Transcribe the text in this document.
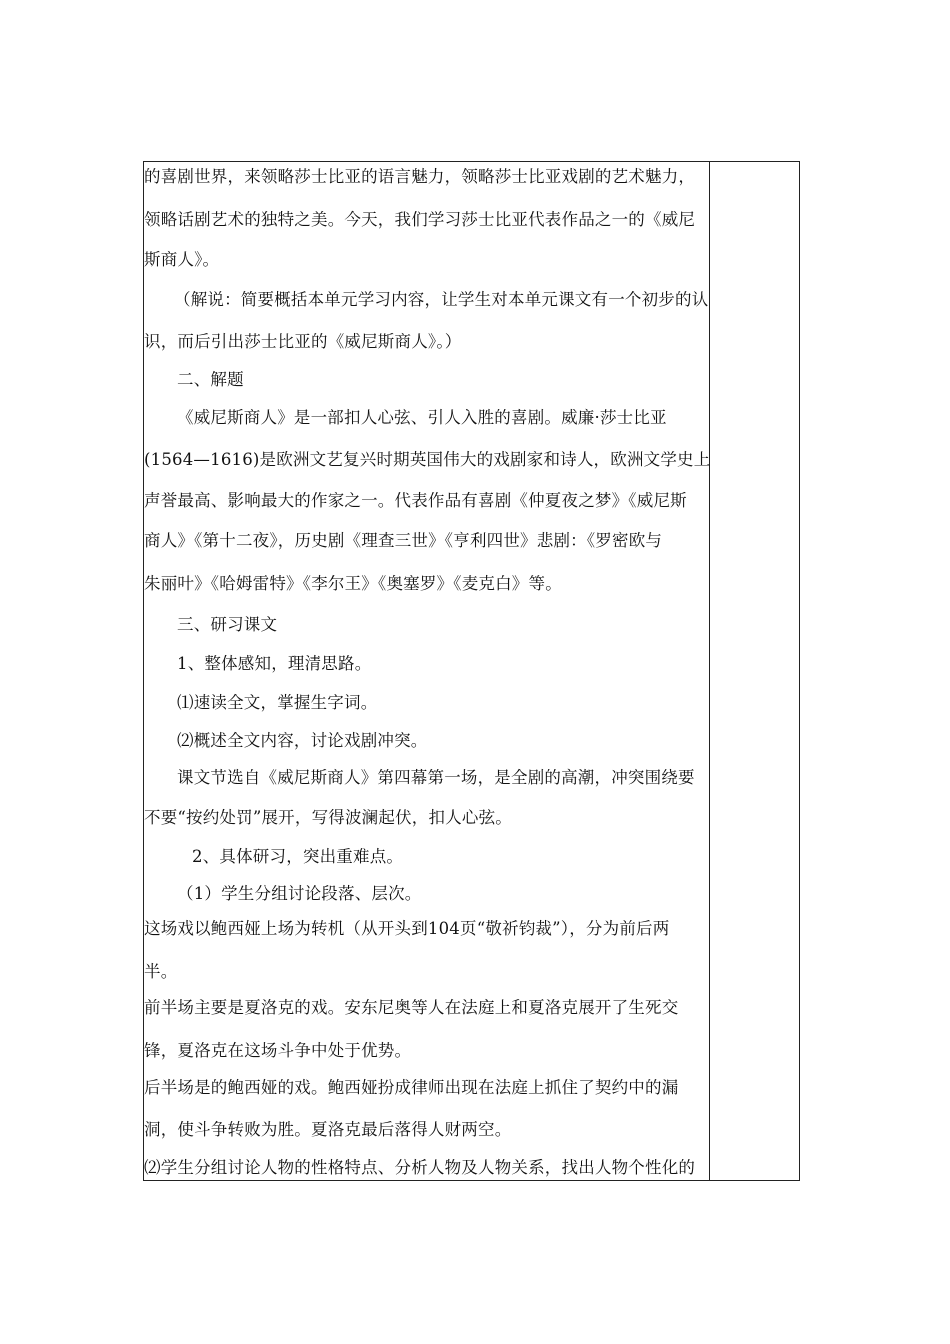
的喜剧世界，来领略莎士比亚的语言魅力，领略莎士比亚戏剧的艺术魅力，
领略话剧艺术的独特之美。今天，我们学习莎士比亚代表作品之一的《威尼
斯商人》。
（解说：简要概括本单元学习内容，让学生对本单元课文有一个初步的认
识，而后引出莎士比亚的《威尼斯商人》。）
二、解题
《威尼斯商人》是一部扣人心弦、引人入胜的喜剧。威廉·莎士比亚
(1564—1616)是欧洲文艺复兴时期英国伟大的戏剧家和诗人，欧洲文学史上
声誉最高、影响最大的作家之一。代表作品有喜剧《仲夏夜之梦》《威尼斯
商人》《第十二夜》，历史剧《理查三世》《亨利四世》悲剧：《罗密欧与
朱丽叶》《哈姆雷特》《李尔王》《奥塞罗》《麦克白》等。
三、研习课文
1、整体感知，理清思路。
⑴速读全文，掌握生字词。
⑵概述全文内容，讨论戏剧冲突。
课文节选自《威尼斯商人》第四幕第一场，是全剧的高潮，冲突围绕要
不要“按约处罚”展开，写得波澜起伏，扣人心弦。
2、具体研习，突出重难点。
（1）学生分组讨论段落、层次。
这场戏以鲍西娅上场为转机（从开头到104页“敬祈钧裁”），分为前后两
半。
前半场主要是夏洛克的戏。安东尼奥等人在法庭上和夏洛克展开了生死交
锋，夏洛克在这场斗争中处于优势。
后半场是的鲍西娅的戏。鲍西娅扮成律师出现在法庭上抓住了契约中的漏
洞，使斗争转败为胜。夏洛克最后落得人财两空。
⑵学生分组讨论人物的性格特点、分析人物及人物关系，找出人物个性化的
